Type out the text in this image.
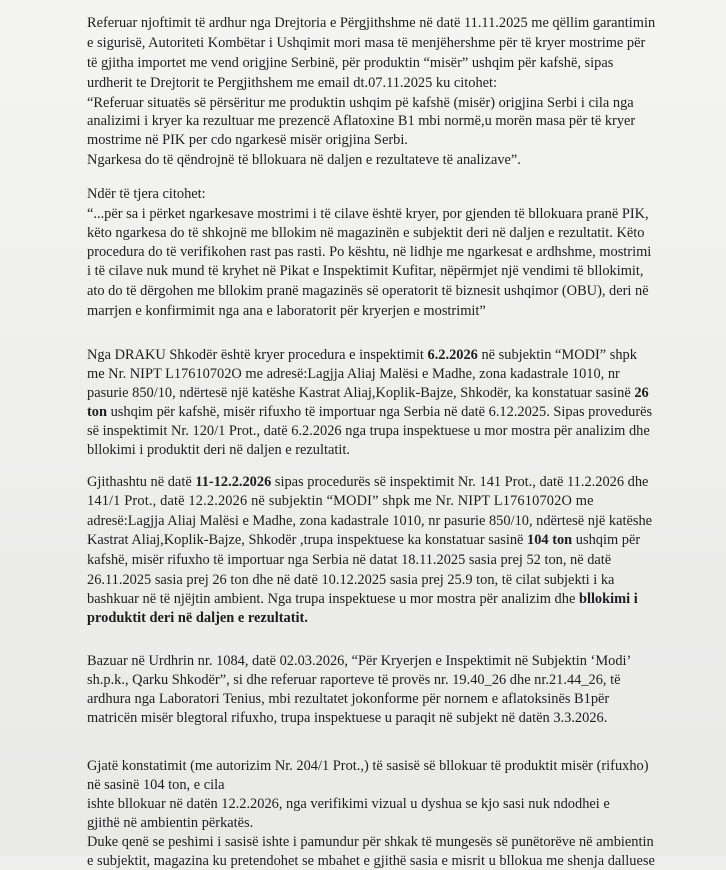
Referuar njoftimit të ardhur nga Drejtoria e Përgjithshme në datë 11.11.2025 me qëllim garantimin
e sigurisë, Autoriteti Kombëtar i Ushqimit mori masa të menjëhershme për të kryer mostrime për
të gjitha importet me vend origjine Serbinë, për produktin “misër” ushqim për kafshë, sipas
urdherit te Drejtorit te Pergjithshem me email dt.07.11.2025 ku citohet:
“Referuar situatës së përsëritur me produktin ushqim pë kafshë (misër) origjina Serbi i cila nga
analizimi i kryer ka rezultuar me prezencë Aflatoxine B1 mbi normë,u morën masa për të kryer
mostrime në PIK per cdo ngarkesë misër origjina Serbi.
Ngarkesa do të qëndrojnë të bllokuara në daljen e rezultateve të analizave”.
Ndër të tjera citohet:
“...për sa i përket ngarkesave mostrimi i të cilave është kryer, por gjenden të bllokuara pranë PIK,
këto ngarkesa do të shkojnë me bllokim në magazinën e subjektit deri në daljen e rezultatit. Këto
procedura do të verifikohen rast pas rasti. Po kështu, në lidhje me ngarkesat e ardhshme, mostrimi
i të cilave nuk mund të kryhet në Pikat e Inspektimit Kufitar, nëpërmjet një vendimi të bllokimit,
ato do të dërgohen me bllokim pranë magazinës së operatorit të biznesit ushqimor (OBU), deri në
marrjen e konfirmimit nga ana e laboratorit për kryerjen e mostrimit”
Nga DRAKU Shkodër është kryer procedura e inspektimit 6.2.2026 në subjektin “MODI” shpk
me Nr. NIPT L17610702O me adresë:Lagjja Aliaj Malësi e Madhe, zona kadastrale 1010, nr
pasurie 850/10, ndërtesë një katëshe Kastrat Aliaj,Koplik-Bajze, Shkodër, ka konstatuar sasinë 26
ton ushqim për kafshë, misër rifuxho të importuar nga Serbia në datë 6.12.2025. Sipas provedurës
së inspektimit Nr. 120/1 Prot., datë 6.2.2026 nga trupa inspektuese u mor mostra për analizim dhe
bllokimi i produktit deri në daljen e rezultatit.
Gjithashtu në datë 11-12.2.2026 sipas procedurës së inspektimit Nr. 141 Prot., datë 11.2.2026 dhe
141/1 Prot., datë 12.2.2026 në subjektin “MODI” shpk me Nr. NIPT L17610702O me
adresë:Lagjja Aliaj Malësi e Madhe, zona kadastrale 1010, nr pasurie 850/10, ndërtesë një katëshe
Kastrat Aliaj,Koplik-Bajze, Shkodër ,trupa inspektuese ka konstatuar sasinë 104 ton ushqim për
kafshë, misër rifuxho të importuar nga Serbia në datat 18.11.2025 sasia prej 52 ton, në datë
26.11.2025 sasia prej 26 ton dhe në datë 10.12.2025 sasia prej 25.9 ton, të cilat subjekti i ka
bashkuar në të njëjtin ambient. Nga trupa inspektuese u mor mostra për analizim dhe bllokimi i
produktit deri në daljen e rezultatit.
Bazuar në Urdhrin nr. 1084, datë 02.03.2026, “Për Kryerjen e Inspektimit në Subjektin ‘Modi’
sh.p.k., Qarku Shkodër”, si dhe referuar raporteve të provës nr. 19.40_26 dhe nr.21.44_26, të
ardhura nga Laboratori Tenius, mbi rezultatet jokonforme për nornem e aflatoksinës B1për
matricën misër blegtoral rifuxho, trupa inspektuese u paraqit në subjekt në datën 3.3.2026.
Gjatë konstatimit (me autorizim Nr. 204/1 Prot.,) të sasisë së bllokuar të produktit misër (rifuxho)
në sasinë 104 ton, e cila
ishte bllokuar në datën 12.2.2026, nga verifikimi vizual u dyshua se kjo sasi nuk ndodhei e
gjithë në ambientin përkatës.
Duke qenë se peshimi i sasisë ishte i pamundur për shkak të mungesës së punëtorëve në ambientin
e subjektit, magazina ku pretendohet se mbahet e gjithë sasia e misrit u bllokua me shenja dalluese
